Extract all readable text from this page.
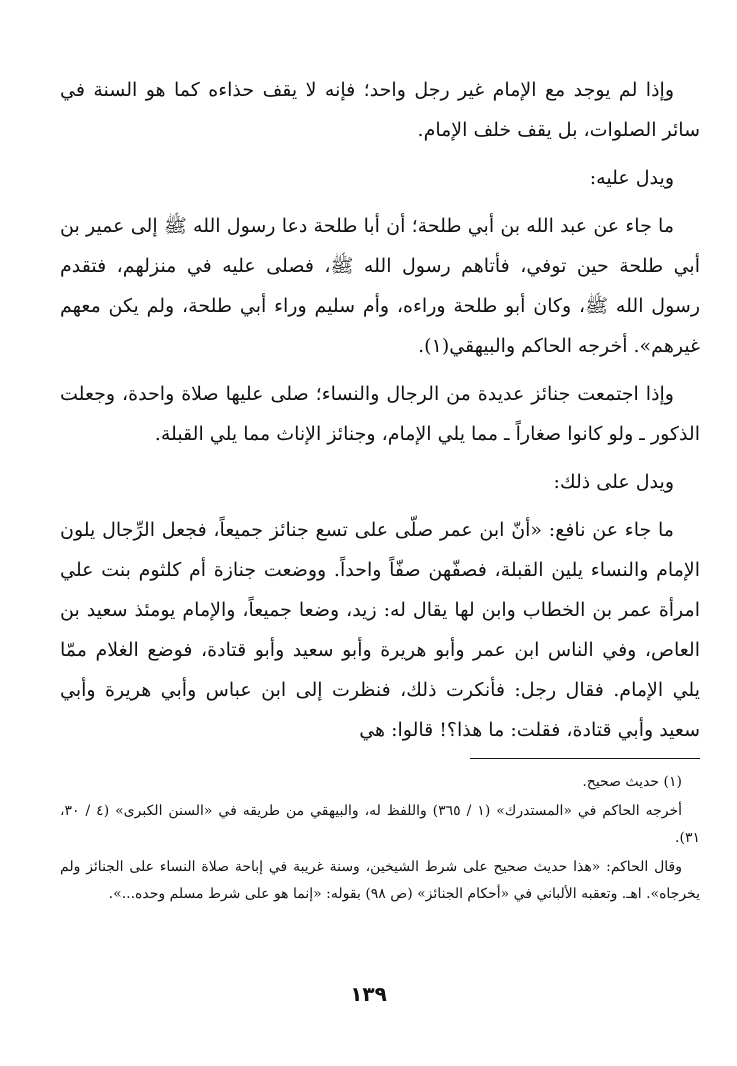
وإذا لم يوجد مع الإمام غير رجل واحد؛ فإنه لا يقف حذاءه كما هو السنة في سائر الصلوات، بل يقف خلف الإمام.

ويدل عليه:

ما جاء عن عبد الله بن أبي طلحة؛ أن أبا طلحة دعا رسول الله ﷺ إلى عمير بن أبي طلحة حين توفي، فأتاهم رسول الله ﷺ، فصلى عليه في منزلهم، فتقدم رسول الله ﷺ، وكان أبو طلحة وراءه، وأم سليم وراء أبي طلحة، ولم يكن معهم غيرهم». أخرجه الحاكم والبيهقي(١).

وإذا اجتمعت جنائز عديدة من الرجال والنساء؛ صلى عليها صلاة واحدة، وجعلت الذكور ـ ولو كانوا صغاراً ـ مما يلي الإمام، وجنائز الإناث مما يلي القبلة.

ويدل على ذلك:

ما جاء عن نافع: «أنّ ابن عمر صلّى على تسع جنائز جميعاً، فجعل الرِّجال يلون الإمام والنساء يلين القبلة، فصفّهن صفّاً واحداً. ووضعت جنازة أم كلثوم بنت علي امرأة عمر بن الخطاب وابن لها يقال له: زيد، وضعا جميعاً، والإمام يومئذ سعيد بن العاص، وفي الناس ابن عمر وأبو هريرة وأبو سعيد وأبو قتادة، فوضع الغلام ممّا يلي الإمام. فقال رجل: فأنكرت ذلك، فنظرت إلى ابن عباس وأبي هريرة وأبي سعيد وأبي قتادة، فقلت: ما هذا؟! قالوا: هي

(١) حديث صحيح.

أخرجه الحاكم في «المستدرك» (١ / ٣٦٥) واللفظ له، والبيهقي من طريقه في «السنن الكبرى» (٤ / ٣٠، ٣١).

وقال الحاكم: «هذا حديث صحيح على شرط الشيخين، وسنة غريبة في إباحة صلاة النساء على الجنائز ولم يخرجاه». اهـ. وتعقبه الألباني في «أحكام الجنائز» (ص ٩٨) بقوله: «إنما هو على شرط مسلم وحده...».

١٣٩
